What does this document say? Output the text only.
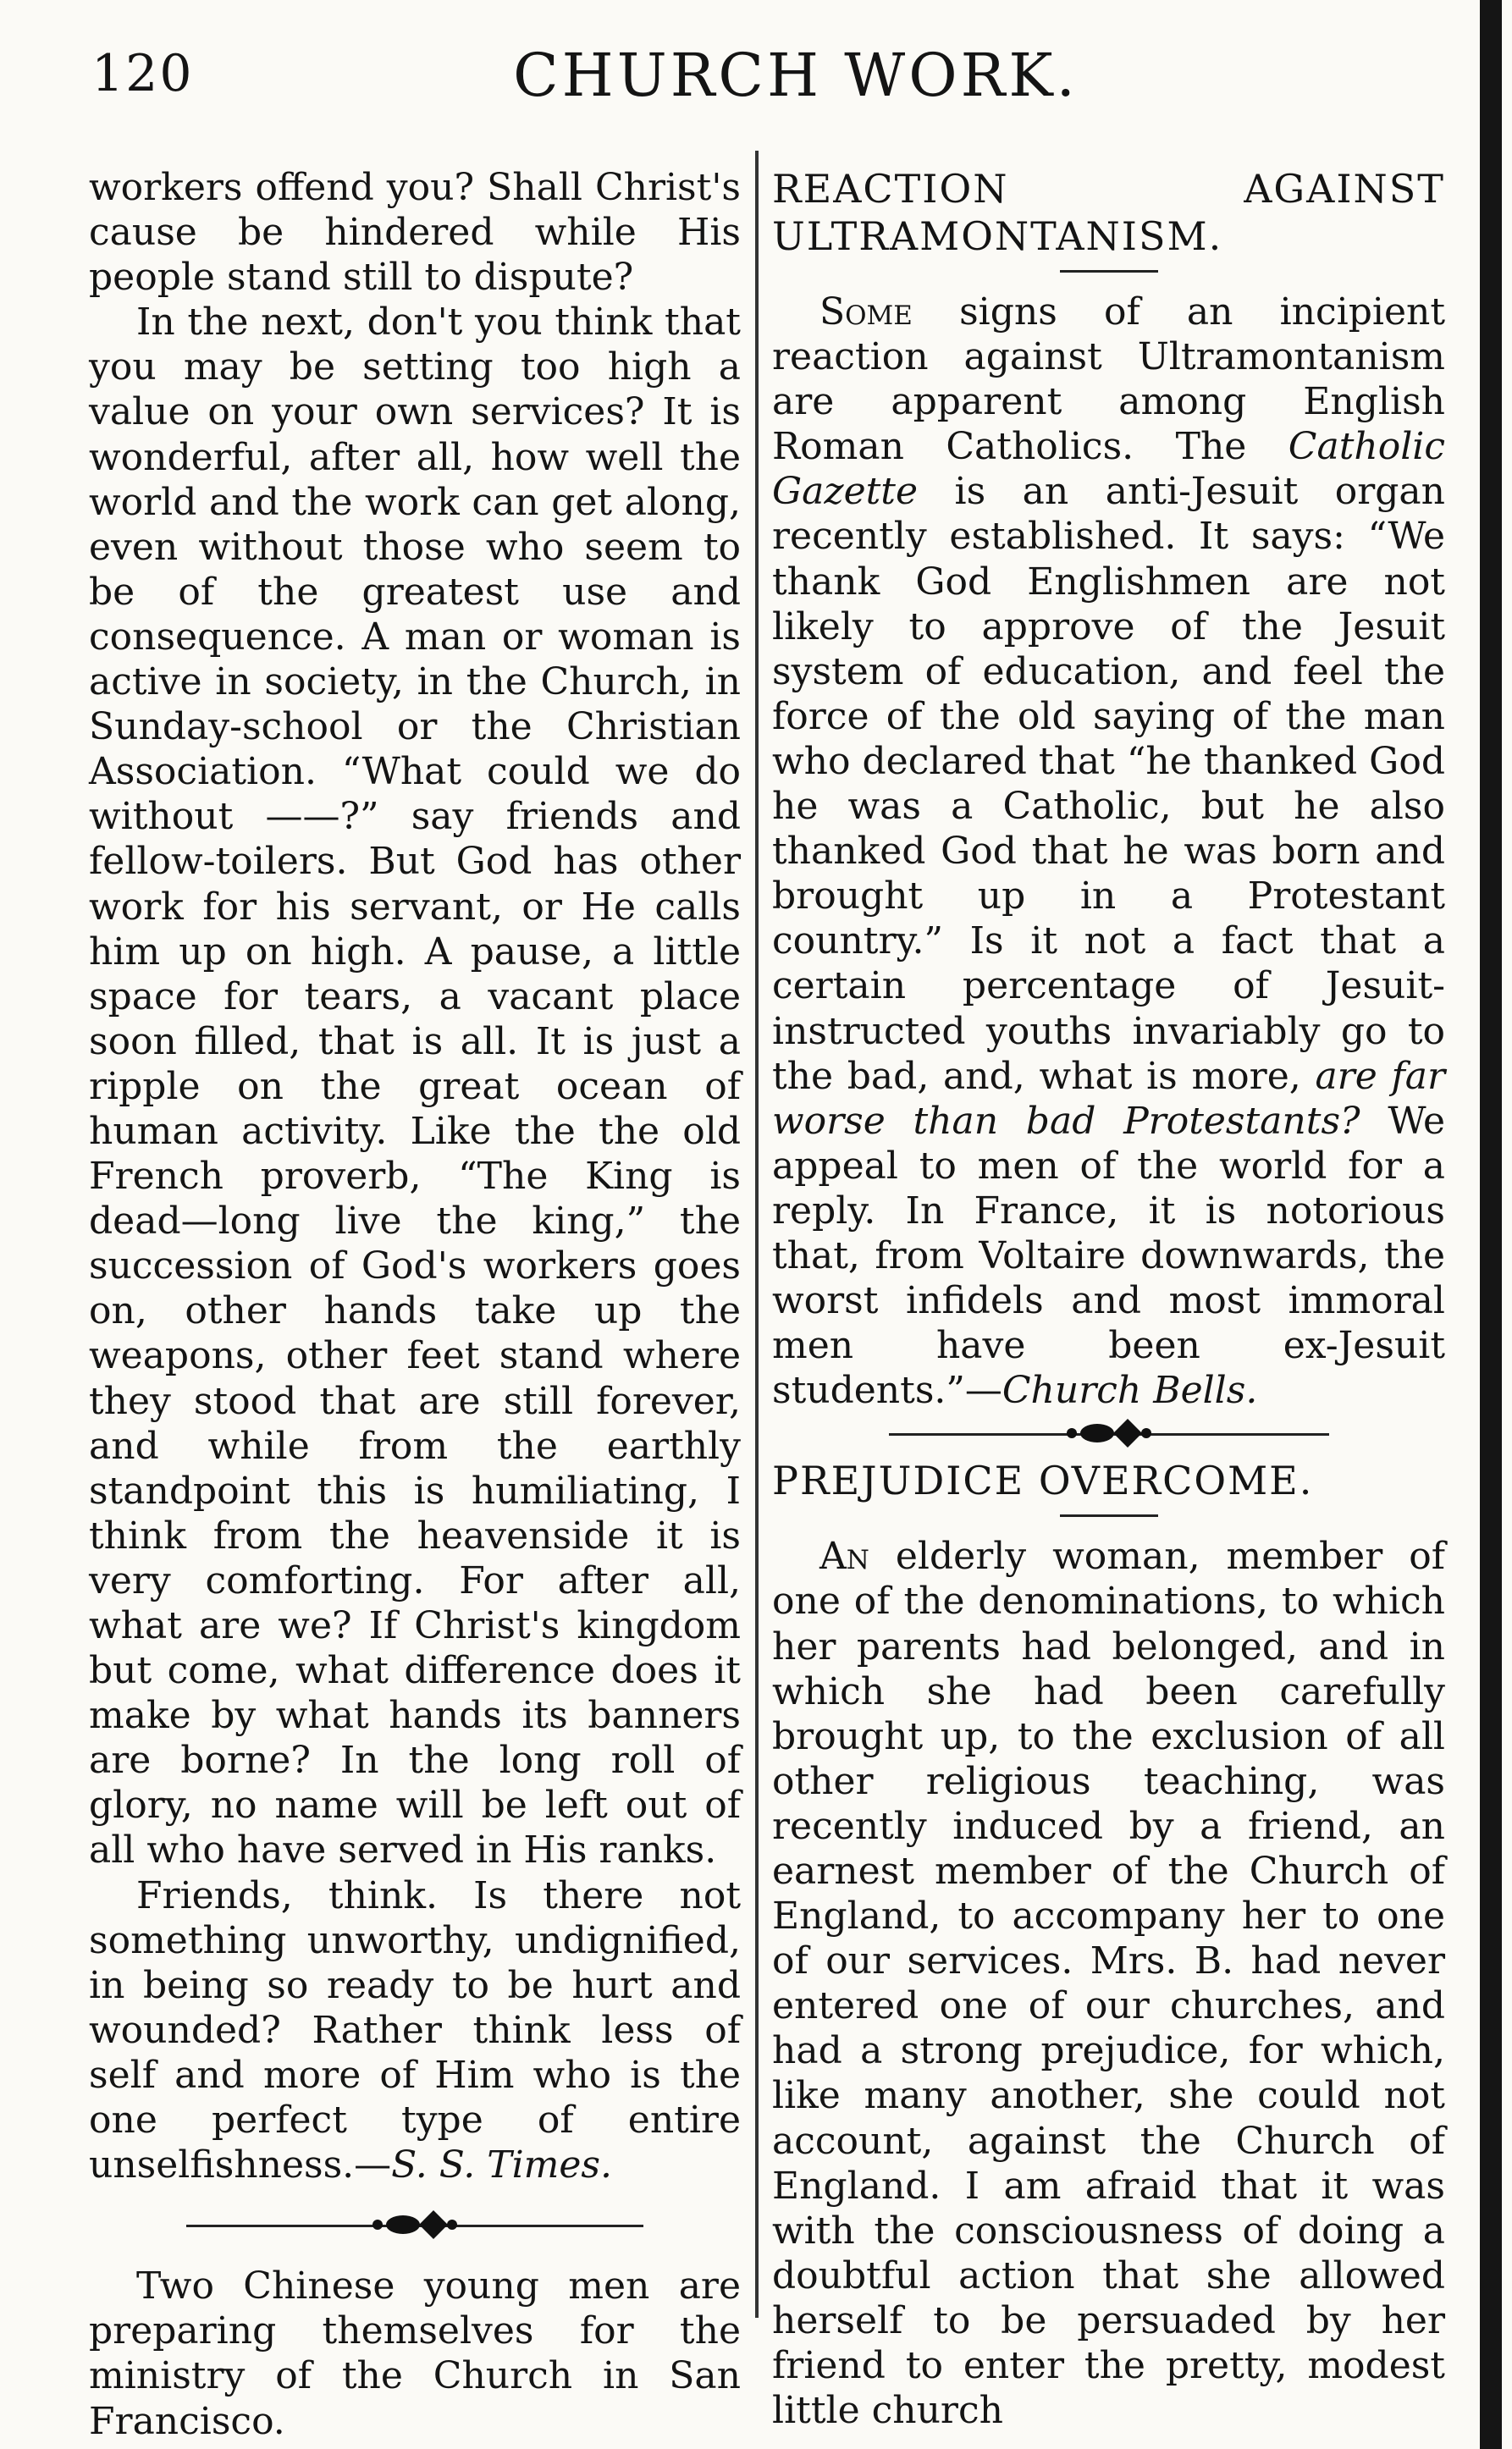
120	CHURCH WORK.

workers offend you? Shall Christ's cause be hindered while His people stand still to dispute?

In the next, don't you think that you may be setting too high a value on your own services? It is wonderful, after all, how well the world and the work can get along, even without those who seem to be of the greatest use and consequence. A man or woman is active in society, in the Church, in Sunday-school or the Christian Association. “What could we do without ——?” say friends and fellow-toilers. But God has other work for his servant, or He calls him up on high. A pause, a little space for tears, a vacant place soon filled, that is all. It is just a ripple on the great ocean of human activity. Like the the old French proverb, “The King is dead—long live the king,” the succession of God's workers goes on, other hands take up the weapons, other feet stand where they stood that are still forever, and while from the earthly standpoint this is humiliating, I think from the heavenside it is very comforting. For after all, what are we? If Christ's kingdom but come, what difference does it make by what hands its banners are borne? In the long roll of glory, no name will be left out of all who have served in His ranks.

Friends, think. Is there not something unworthy, undignified, in being so ready to be hurt and wounded? Rather think less of self and more of Him who is the one perfect type of entire unselfishness.—S. S. Times.

Two Chinese young men are preparing themselves for the ministry of the Church in San Francisco.

REACTION AGAINST ULTRAMONTANISM.

Some signs of an incipient reaction against Ultramontanism are apparent among English Roman Catholics. The Catholic Gazette is an anti-Jesuit organ recently established. It says: “We thank God Englishmen are not likely to approve of the Jesuit system of education, and feel the force of the old saying of the man who declared that “he thanked God he was a Catholic, but he also thanked God that he was born and brought up in a Protestant country.” Is it not a fact that a certain percentage of Jesuit-instructed youths invariably go to the bad, and, what is more, are far worse than bad Protestants? We appeal to men of the world for a reply. In France, it is notorious that, from Voltaire downwards, the worst infidels and most immoral men have been ex-Jesuit students.”—Church Bells.

PREJUDICE OVERCOME.

An elderly woman, member of one of the denominations, to which her parents had belonged, and in which she had been carefully brought up, to the exclusion of all other religious teaching, was recently induced by a friend, an earnest member of the Church of England, to accompany her to one of our services. Mrs. B. had never entered one of our churches, and had a strong prejudice, for which, like many another, she could not account, against the Church of England. I am afraid that it was with the consciousness of doing a doubtful action that she allowed herself to be persuaded by her friend to enter the pretty, modest little church
